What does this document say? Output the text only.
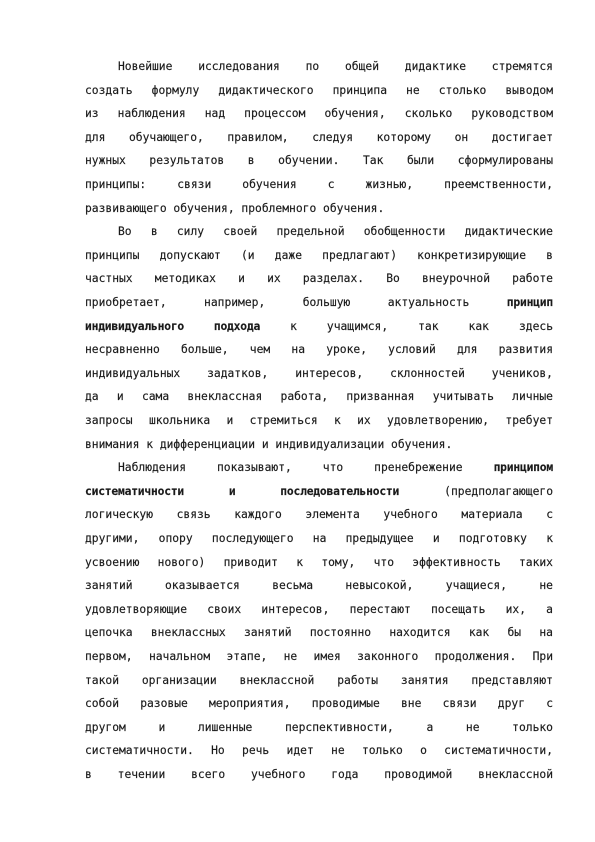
Новейшие исследования по общей дидактике стремятся
создать формулу дидактического принципа не столько выводом
из наблюдения над процессом обучения, сколько руководством
для обучающего, правилом, следуя которому он достигает
нужных результатов в обучении. Так были сформулированы
принципы: связи обучения с жизнью, преемственности,
развивающего обучения, проблемного обучения.
Во в силу своей предельной обобщенности дидактические
принципы допускают (и даже предлагают) конкретизирующие в
частных методиках и их разделах. Во внеурочной работе
приобретает, например, большую актуальность принцип
индивидуального подхода к учащимся, так как здесь
несравненно больше, чем на уроке, условий для развития
индивидуальных задатков, интересов, склонностей учеников,
да и сама внеклассная работа, призванная учитывать личные
запросы школьника и стремиться к их удовлетворению, требует
внимания к дифференциации и индивидуализации обучения.
Наблюдения показывают, что пренебрежение принципом
систематичности и последовательности (предполагающего
логическую связь каждого элемента учебного материала с
другими, опору последующего на предыдущее и подготовку к
усвоению нового) приводит к тому, что эффективность таких
занятий оказывается весьма невысокой, учащиеся, не
удовлетворяющие своих интересов, перестают посещать их, а
цепочка внеклассных занятий постоянно находится как бы на
первом, начальном этапе, не имея законного продолжения. При
такой организации внеклассной работы занятия представляют
собой разовые мероприятия, проводимые вне связи друг с
другом и лишенные перспективности, а не только
систематичности. Но речь идет не только о систематичности,
в течении всего учебного года проводимой внеклассной
